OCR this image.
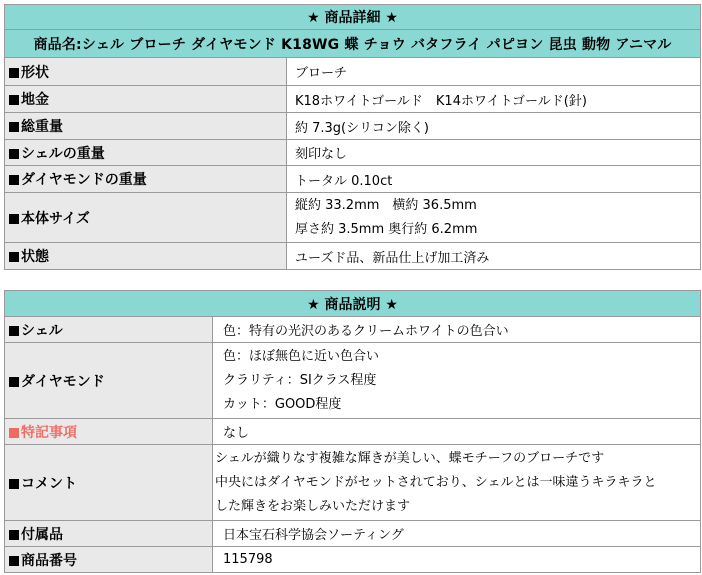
★ 商品詳細 ★	
商品名:シェル ブローチ ダイヤモンド K18WG 蝶 チョウ バタフライ パピヨン 昆虫 動物 アニマル	
形状	ブローチ
地金	K18ホワイトゴールド　K14ホワイトゴールド(針)
総重量	約 7.3g(シリコン除く)
シェルの重量	刻印なし
ダイヤモンドの重量	トータル 0.10ct
本体サイズ	縦約 33.2mm　横約 36.5mm
厚さ約 3.5mm 奥行約 6.2mm

状態	ユーズド品、新品仕上げ加工済み
★ 商品説明 ★	
シェル	色：特有の光沢のあるクリームホワイトの色合い
ダイヤモンド	色：ほぼ無色に近い色合い
クラリティ：SIクラス程度
カット：GOOD程度

特記事項	なし
コメント	シェルが織りなす複雑な輝きが美しい、蝶モチーフのブローチです
中央にはダイヤモンドがセットされており、シェルとは一味違うキラキラと
した輝きをお楽しみいただけます

付属品	日本宝石科学協会ソーティング
商品番号	115798
